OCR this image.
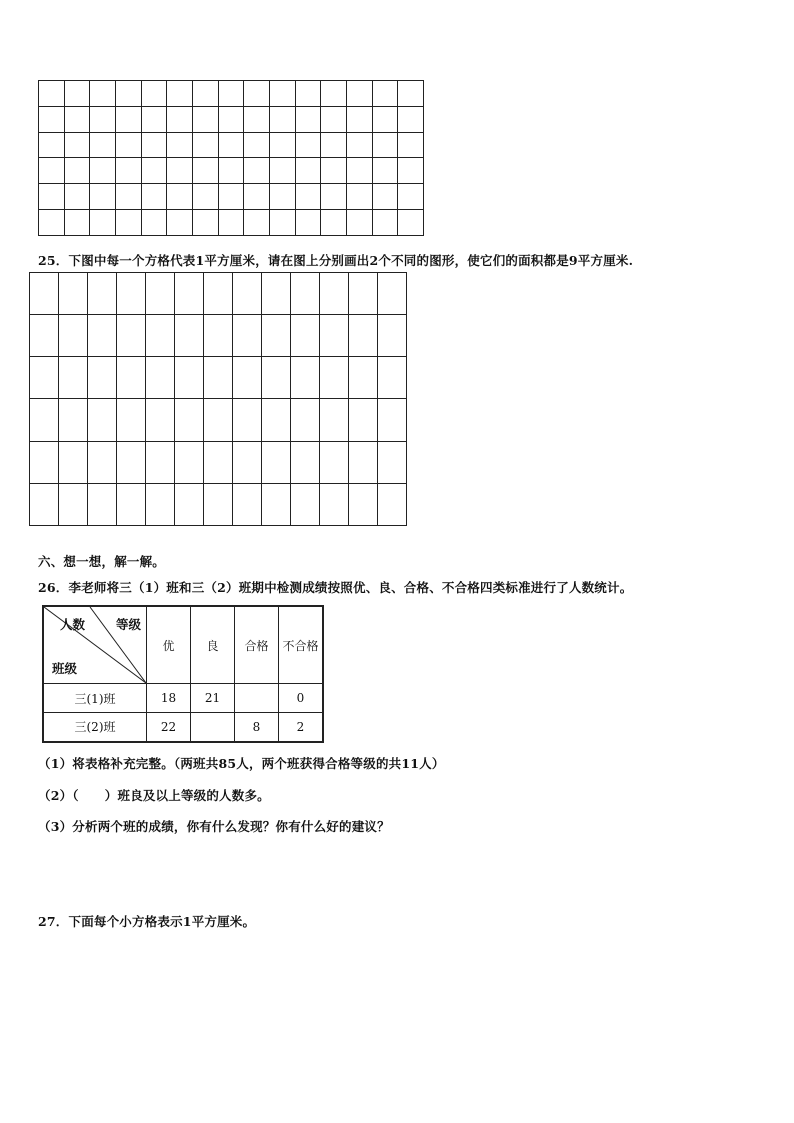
25．下图中每一个方格代表1平方厘米，请在图上分别画出2个不同的图形，使它们的面积都是9平方厘米.

六、想一想，解一解。
26．李老师将三（1）班和三（2）班期中检测成绩按照优、良、合格、不合格四类标准进行了人数统计。
等级
人数
班级	优	良	合格	不合格
三(1)班	18	21		0
三(2)班	22		8	2
（1）将表格补充完整。（两班共85人，两个班获得合格等级的共11人）
（2）（ ）班良及以上等级的人数多。
（3）分析两个班的成绩，你有什么发现？你有什么好的建议？
27．下面每个小方格表示1平方厘米。
